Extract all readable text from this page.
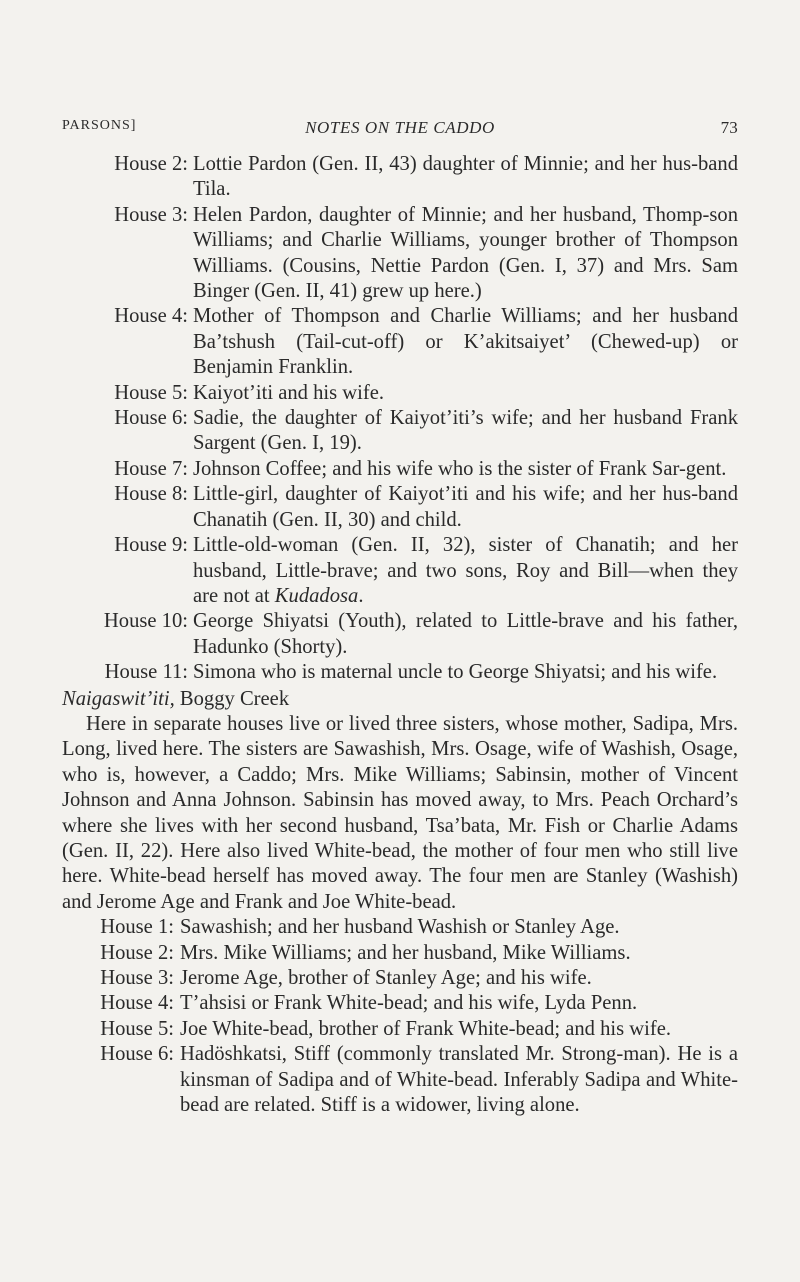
PARSONS]	NOTES ON THE CADDO	73
House 2: Lottie Pardon (Gen. II, 43) daughter of Minnie; and her hus-band Tila.
House 3: Helen Pardon, daughter of Minnie; and her husband, Thomp-son Williams; and Charlie Williams, younger brother of Thompson Williams. (Cousins, Nettie Pardon (Gen. I, 37) and Mrs. Sam Binger (Gen. II, 41) grew up here.)
House 4: Mother of Thompson and Charlie Williams; and her husband Ba’tshush (Tail-cut-off) or K’akitsaiyet’ (Chewed-up) or Benjamin Franklin.
House 5: Kaiyot’iti and his wife.
House 6: Sadie, the daughter of Kaiyot’iti’s wife; and her husband Frank Sargent (Gen. I, 19).
House 7: Johnson Coffee; and his wife who is the sister of Frank Sar-gent.
House 8: Little-girl, daughter of Kaiyot’iti and his wife; and her hus-band Chanatih (Gen. II, 30) and child.
House 9: Little-old-woman (Gen. II, 32), sister of Chanatih; and her husband, Little-brave; and two sons, Roy and Bill—when they are not at Kudadosa.
House 10: George Shiyatsi (Youth), related to Little-brave and his father, Hadunko (Shorty).
House 11: Simona who is maternal uncle to George Shiyatsi; and his wife.
Naigaswit’iti, Boggy Creek
Here in separate houses live or lived three sisters, whose mother, Sadipa, Mrs. Long, lived here. The sisters are Sawashish, Mrs. Osage, wife of Washish, Osage, who is, however, a Caddo; Mrs. Mike Williams; Sabinsin, mother of Vincent Johnson and Anna Johnson. Sabinsin has moved away, to Mrs. Peach Orchard’s where she lives with her second husband, Tsa’bata, Mr. Fish or Charlie Adams (Gen. II, 22). Here also lived White-bead, the mother of four men who still live here. White-bead herself has moved away. The four men are Stanley (Washish) and Jerome Age and Frank and Joe White-bead.
House 1: Sawashish; and her husband Washish or Stanley Age.
House 2: Mrs. Mike Williams; and her husband, Mike Williams.
House 3: Jerome Age, brother of Stanley Age; and his wife.
House 4: T’ahsisi or Frank White-bead; and his wife, Lyda Penn.
House 5: Joe White-bead, brother of Frank White-bead; and his wife.
House 6: Hadöshkatsi, Stiff (commonly translated Mr. Strong-man). He is a kinsman of Sadipa and of White-bead. Inferably Sadipa and White-bead are related. Stiff is a widower, living alone.
